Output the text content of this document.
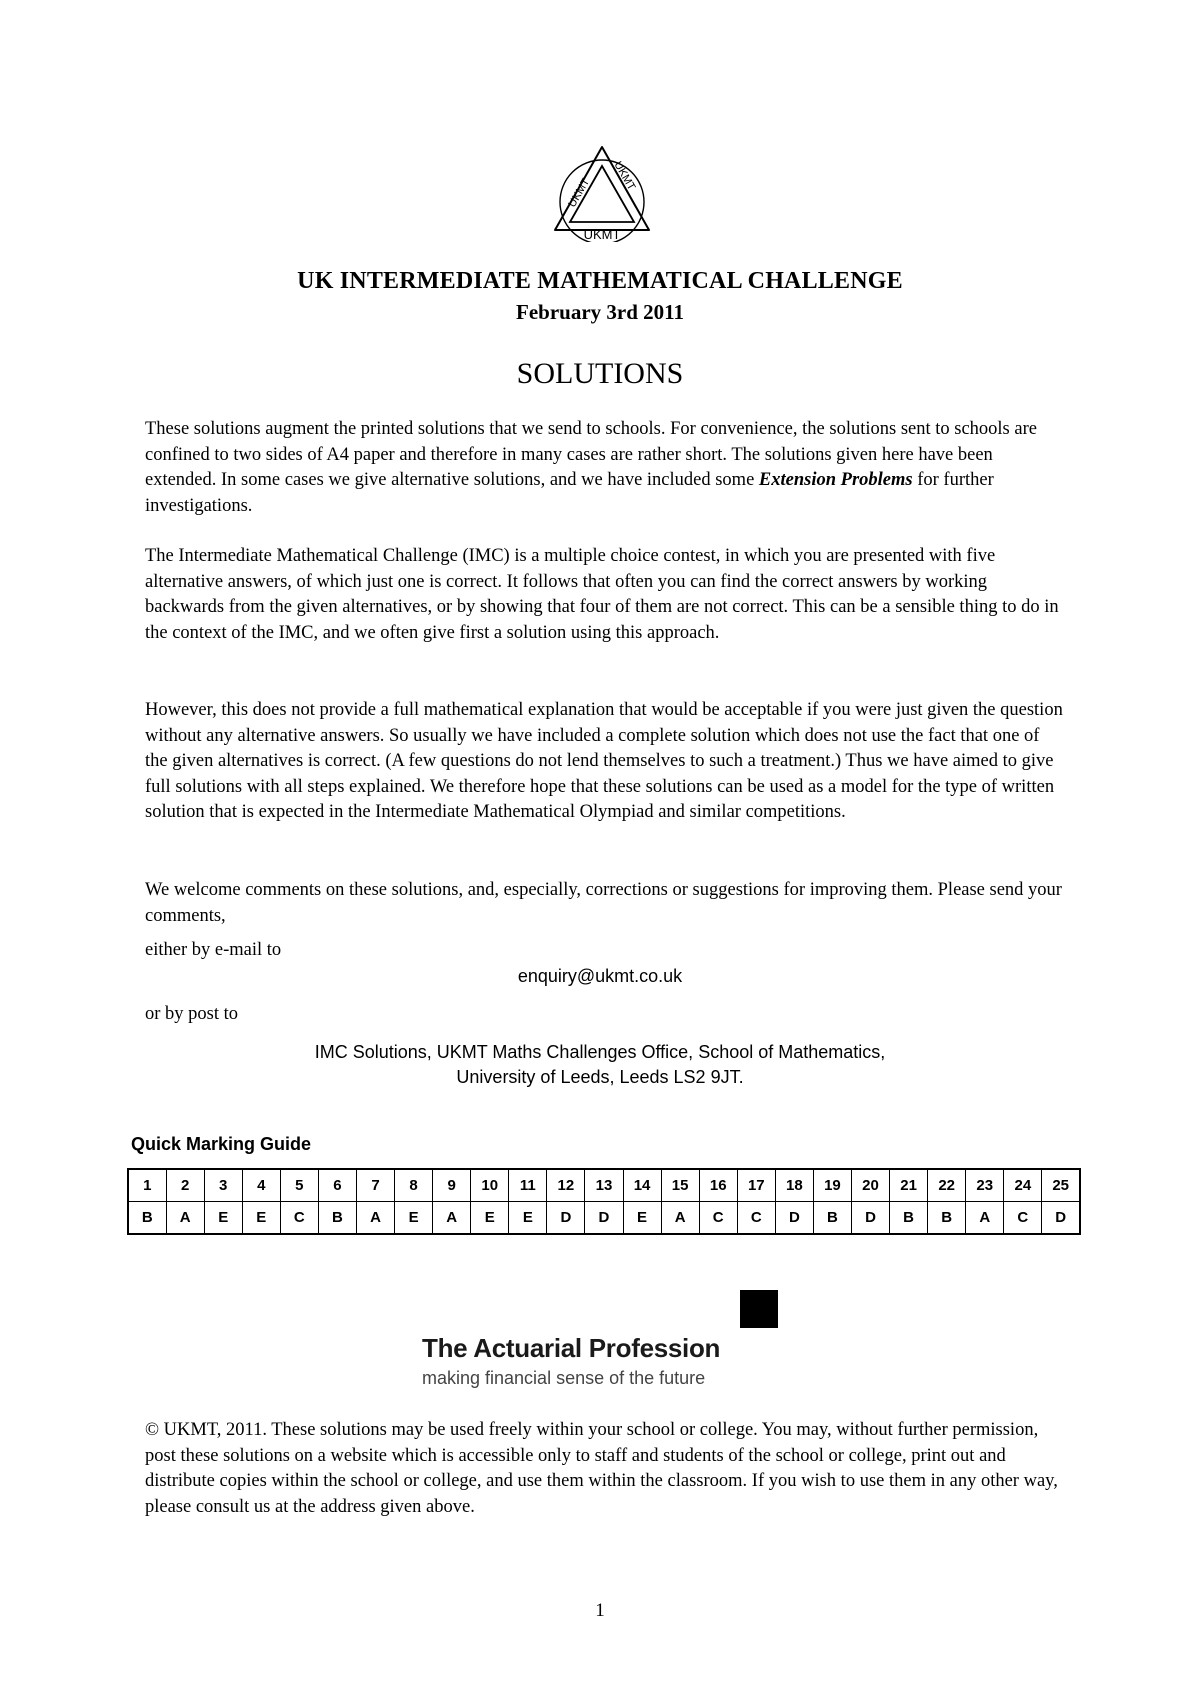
UKMT
UKMT
UKMT
UK INTERMEDIATE MATHEMATICAL CHALLENGE
February 3rd 2011
SOLUTIONS
These solutions augment the printed solutions that we send to schools. For convenience, the solutions sent to schools are confined to two sides of A4 paper and therefore in many cases are rather short. The solutions given here have been extended. In some cases we give alternative solutions, and we have included some Extension Problems for further investigations.
The Intermediate Mathematical Challenge (IMC) is a multiple choice contest, in which you are presented with five alternative answers, of which just one is correct. It follows that often you can find the correct answers by working backwards from the given alternatives, or by showing that four of them are not correct. This can be a sensible thing to do in the context of the IMC, and we often give first a solution using this approach.
However, this does not provide a full mathematical explanation that would be acceptable if you were just given the question without any alternative answers. So usually we have included a complete solution which does not use the fact that one of the given alternatives is correct. (A few questions do not lend themselves to such a treatment.) Thus we have aimed to give full solutions with all steps explained. We therefore hope that these solutions can be used as a model for the type of written solution that is expected in the Intermediate Mathematical Olympiad and similar competitions.
We welcome comments on these solutions, and, especially, corrections or suggestions for improving them. Please send your comments,
either by e-mail to
enquiry@ukmt.co.uk
or by post to
IMC Solutions, UKMT Maths Challenges Office, School of Mathematics,
University of Leeds, Leeds LS2 9JT.
Quick Marking Guide
1	2	3	4	5	6	7	8	9	10	11	12	13	14	15	16	17	18	19	20	21	22	23	24	25
B	A	E	E	C	B	A	E	A	E	E	D	D	E	A	C	C	D	B	D	B	B	A	C	D
The Actuarial Profession
making financial sense of the future
© UKMT, 2011. These solutions may be used freely within your school or college. You may, without further permission, post these solutions on a website which is accessible only to staff and students of the school or college, print out and distribute copies within the school or college, and use them within the classroom. If you wish to use them in any other way, please consult us at the address given above.
1
